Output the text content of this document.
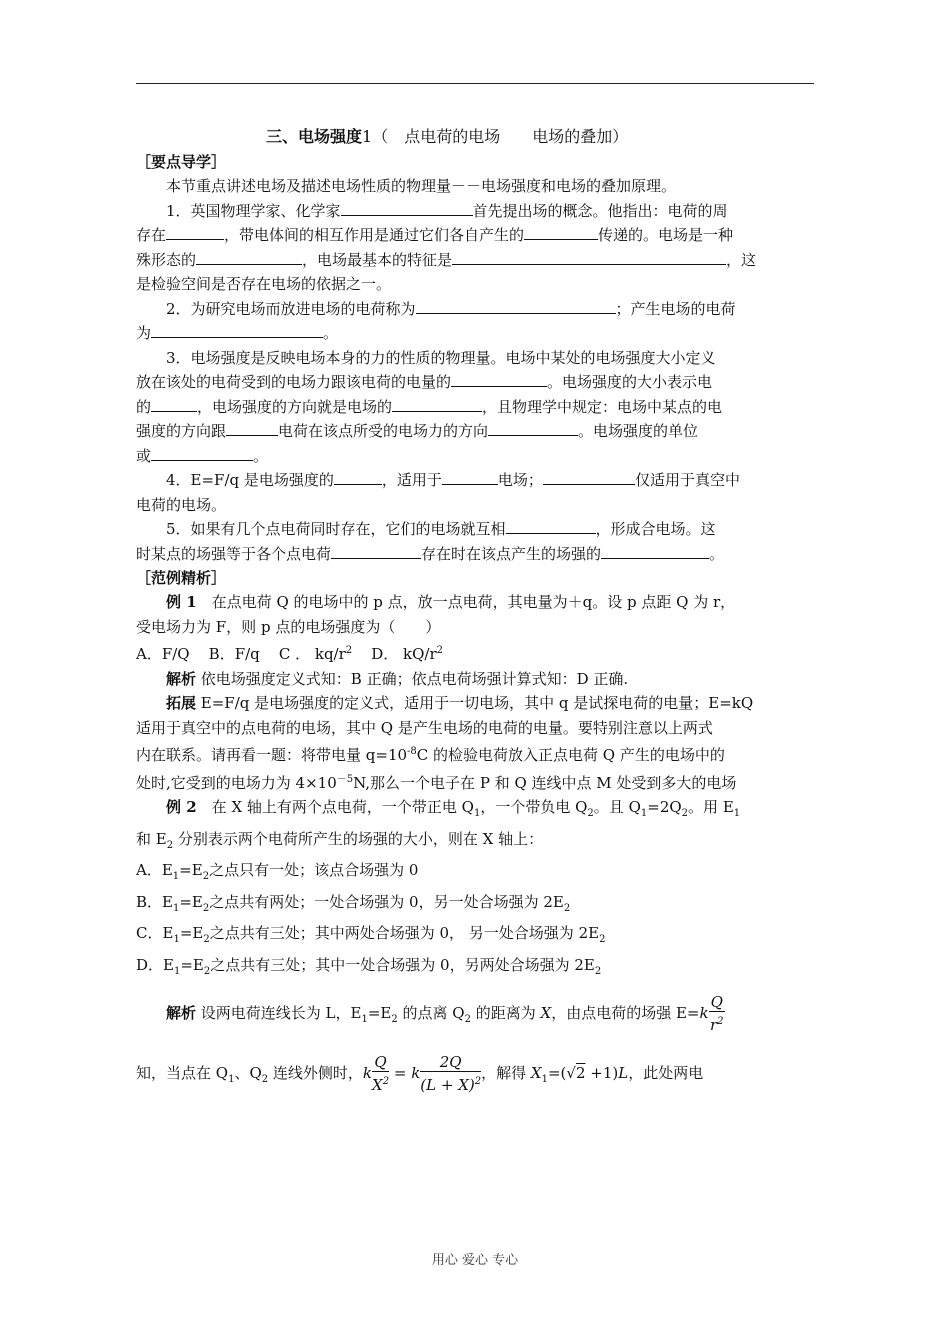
三、电场强度1（　点电荷的电场　　电场的叠加）

［要点导学］

本节重点讲述电场及描述电场性质的物理量－－电场强度和电场的叠加原理。

1．英国物理学家、化学家	首先提出场的概念。他指出：电荷的周

存在	，带电体间的相互作用是通过它们各自产生的	传递的。电场是一种

殊形态的	，电场最基本的特征是	，这

是检验空间是否存在电场的依据之一。

2．为研究电场而放进电场的电荷称为	；产生电场的电荷

为	。

3．电场强度是反映电场本身的力的性质的物理量。电场中某处的电场强度大小定义

放在该处的电荷受到的电场力跟该电荷的电量的	。电场强度的大小表示电

的	，电场强度的方向就是电场的	，且物理学中规定：电场中某点的电

强度的方向跟	电荷在该点所受的电场力的方向	。电场强度的单位

或	。

4．E=F/q 是电场强度的	，适用于	电场；	仅适用于真空中

电荷的电场。

5．如果有几个点电荷同时存在，它们的电场就互相	，形成合电场。这

时某点的场强等于各个点电荷	存在时在该点产生的场强的	。

［范例精析］

例 1　在点电荷 Q 的电场中的 p 点，放一点电荷，其电量为＋q。设 p 点距 Q 为 r，

受电场力为 F，则 p 点的电场强度为（　　）

A．F/Q B．F/q C ． $kq/r^2$ D． $kQ/r^2$

解析 依电场强度定义式知：B 正确；依点电荷场强计算式知：D 正确.

拓展 E=F/q 是电场强度的定义式，适用于一切电场，其中 q 是试探电荷的电量；E=kQ

适用于真空中的点电荷的电场，其中 Q 是产生电场的电荷的电量。要特别注意以上两式

内在联系。请再看一题：将带电量 $q=10^{-8}C$ 的检验电荷放入正点电荷 Q 产生的电场中的

处时,它受到的电场力为 $4\times 10^{-5}N$,那么一个电子在 P 和 Q 连线中点 M 处受到多大的电场

例 2　在 X 轴上有两个点电荷，一个带正电 $Q_1$，一个带负电 $Q_2$。且 $Q_1=2Q_2$。用 $E_1$

和 $E_2$ 分别表示两个电荷所产生的场强的大小，则在 X 轴上：

A．$E_1=E_2$之点只有一处；该点合场强为 0

B．$E_1=E_2$之点共有两处；一处合场强为 0，另一处合场强为 $2E_2$

C．$E_1=E_2$之点共有三处；其中两处合场强为 0， 另一处合场强为 $2E_2$

D．$E_1=E_2$之点共有三处；其中一处合场强为 0，另两处合场强为 $2E_2$

解析 设两电荷连线长为 L，$E_1=E_2$ 的点离 $Q_2$ 的距离为 X，由点电荷的场强 $E=k \frac{Q}{r^2}$

知，当点在 $Q_1$、$Q_2$ 连线外侧时，k $\frac{Q}{X^2} = k \frac{2Q}{(L + X)^2}$ ，解得 $X_1=(√2 +1)L$，此处两电

用心 爱心 专心
